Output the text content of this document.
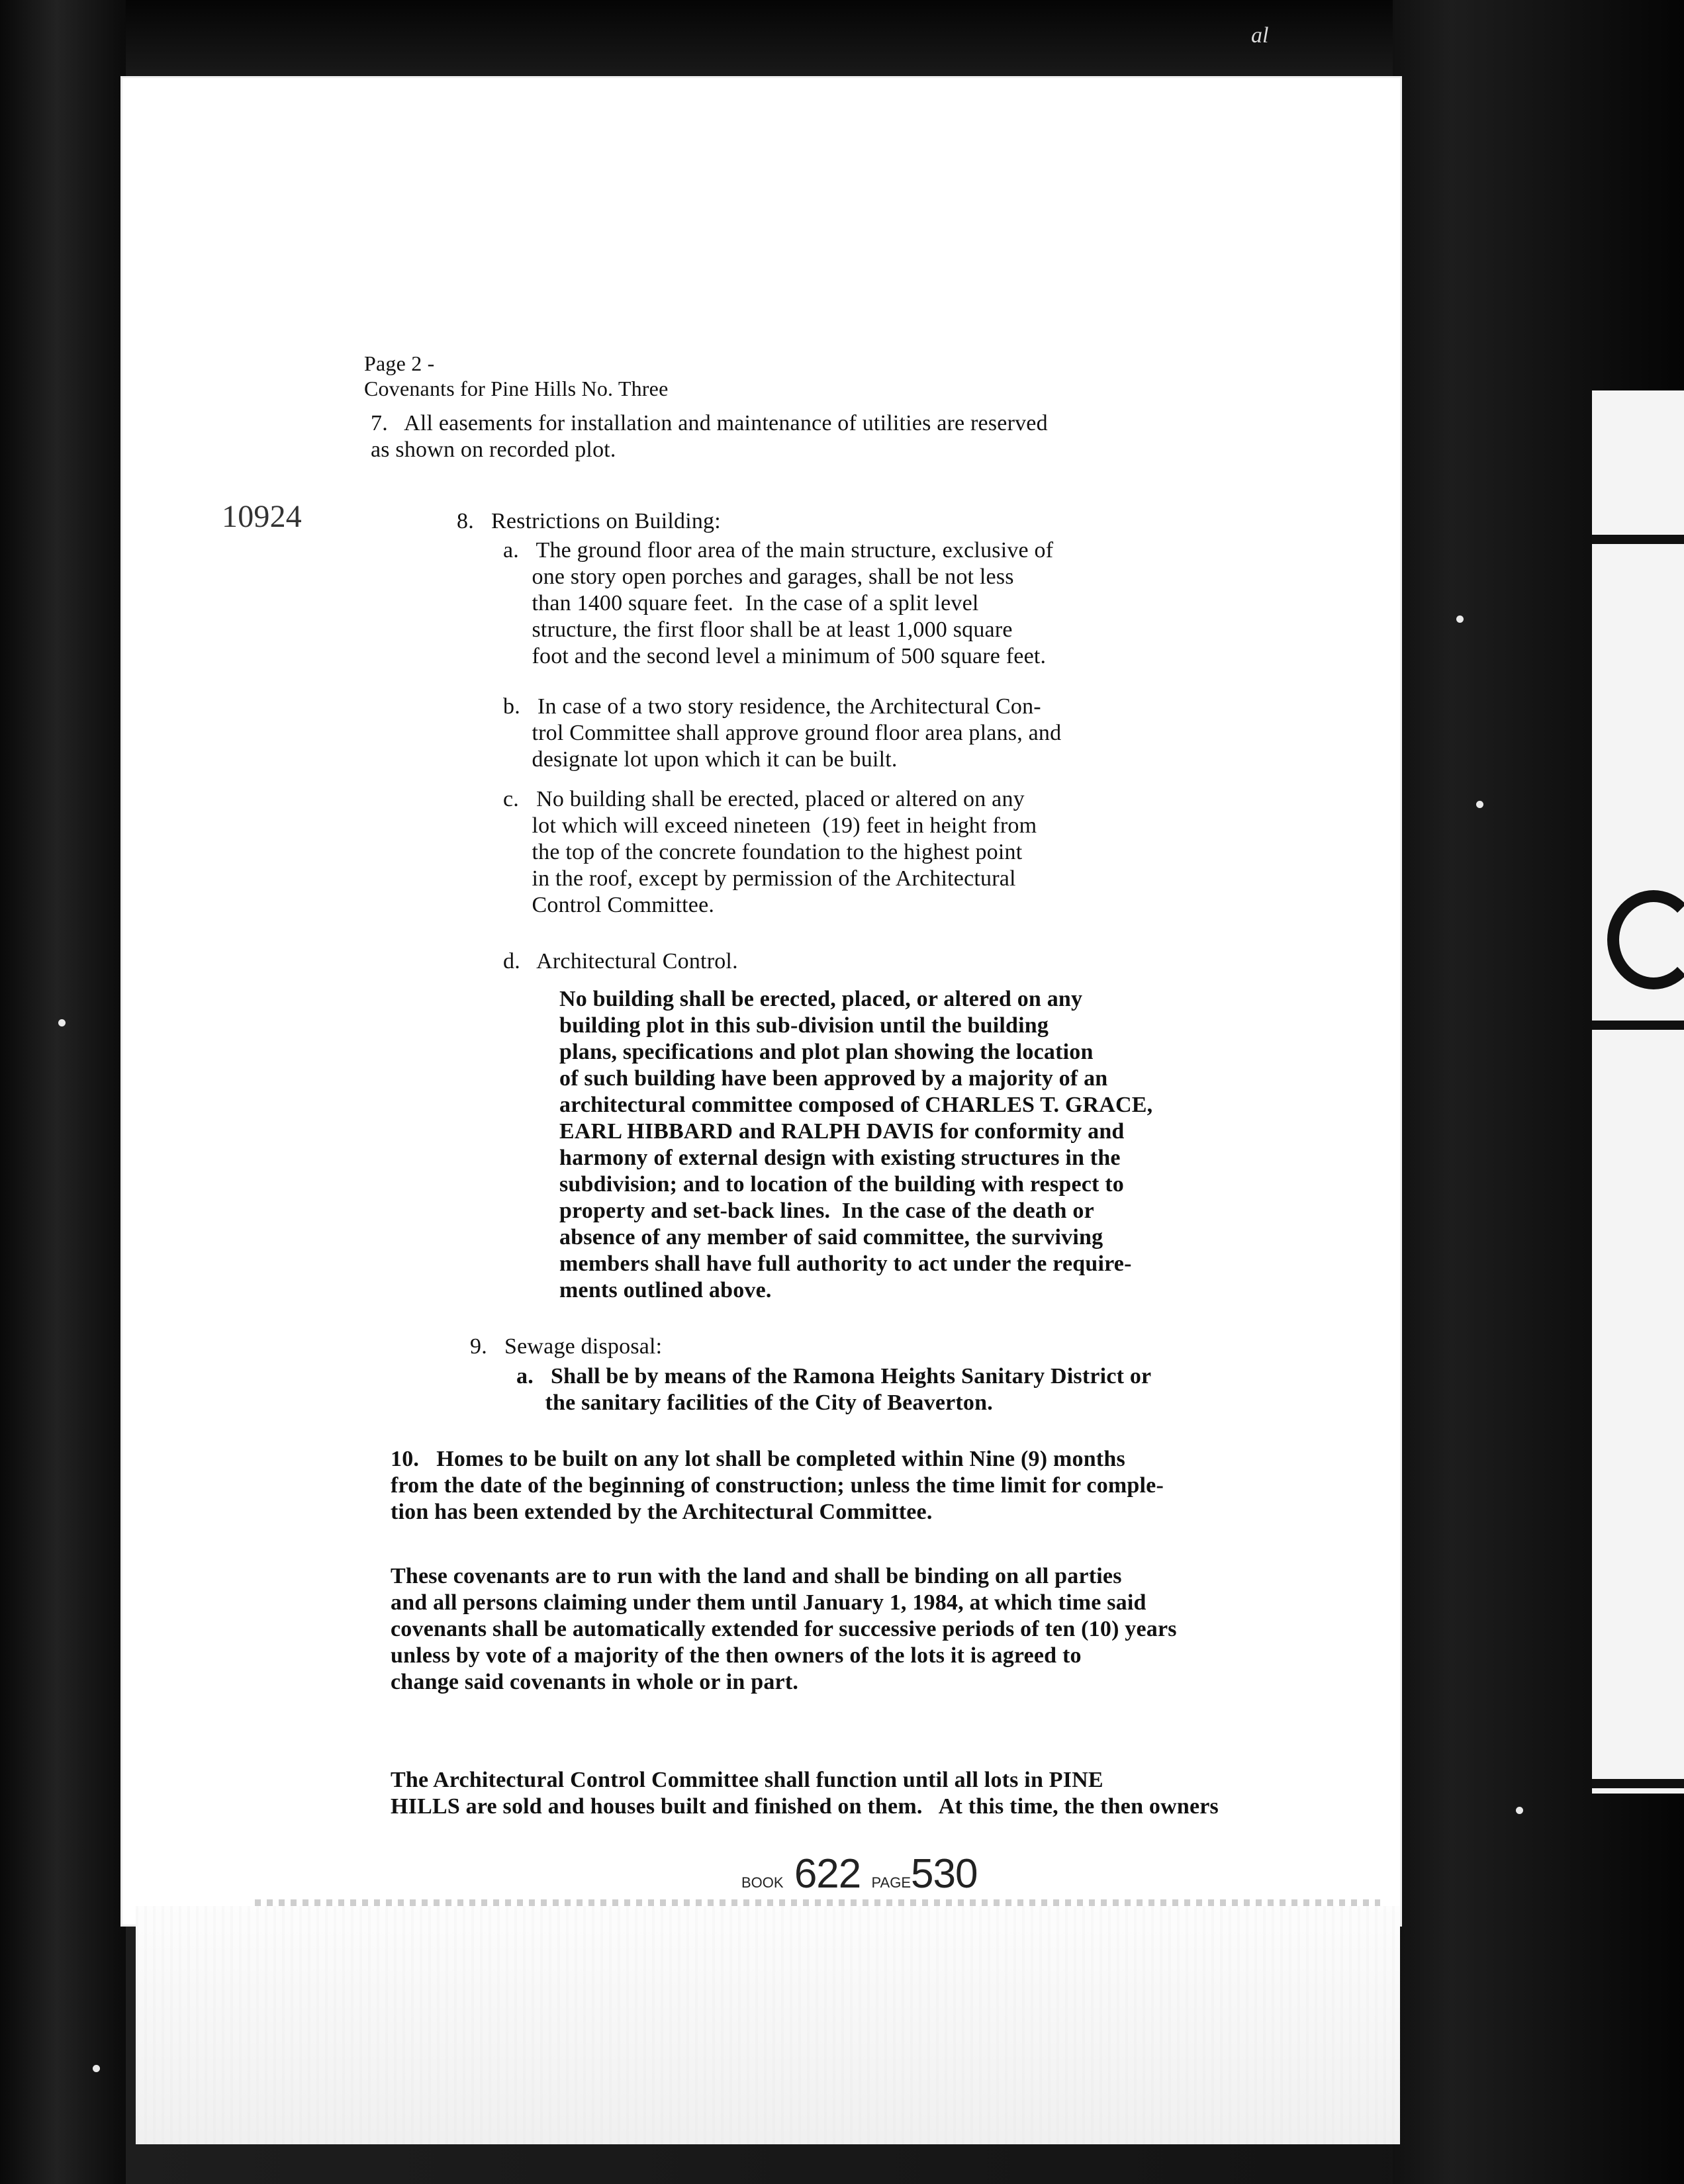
al
Page 2 -
Covenants for Pine Hills No. Three
10924
7.   All easements for installation and maintenance of utilities are reserved
as shown on recorded plot.
8.   Restrictions on Building:
a.   The ground floor area of the main structure, exclusive of
one story open porches and garages, shall be not less
than 1400 square feet.  In the case of a split level
structure, the first floor shall be at least 1,000 square
foot and the second level a minimum of 500 square feet.
b.   In case of a two story residence, the Architectural Con-
trol Committee shall approve ground floor area plans, and
designate lot upon which it can be built.
c.   No building shall be erected, placed or altered on any
lot which will exceed nineteen  (19) feet in height from
the top of the concrete foundation to the highest point
in the roof, except by permission of the Architectural
Control Committee.
d.   Architectural Control.
No building shall be erected, placed, or altered on any
building plot in this sub-division until the building
plans, specifications and plot plan showing the location
of such building have been approved by a majority of an
architectural committee composed of CHARLES T. GRACE,
EARL HIBBARD and RALPH DAVIS for conformity and
harmony of external design with existing structures in the
subdivision; and to location of the building with respect to
property and set-back lines.  In the case of the death or
absence of any member of said committee, the surviving
members shall have full authority to act under the require-
ments outlined above.
9.   Sewage disposal:
a.   Shall be by means of the Ramona Heights Sanitary District or
the sanitary facilities of the City of Beaverton.
10.   Homes to be built on any lot shall be completed within Nine (9) months
from the date of the beginning of construction; unless the time limit for comple-
tion has been extended by the Architectural Committee.
These covenants are to run with the land and shall be binding on all parties
and all persons claiming under them until January 1, 1984, at which time said
covenants shall be automatically extended for successive periods of ten (10) years
unless by vote of a majority of the then owners of the lots it is agreed to
change said covenants in whole or in part.
The Architectural Control Committee shall function until all lots in PINE
HILLS are sold and houses built and finished on them.   At this time, the then owners
BOOK 622 PAGE530
